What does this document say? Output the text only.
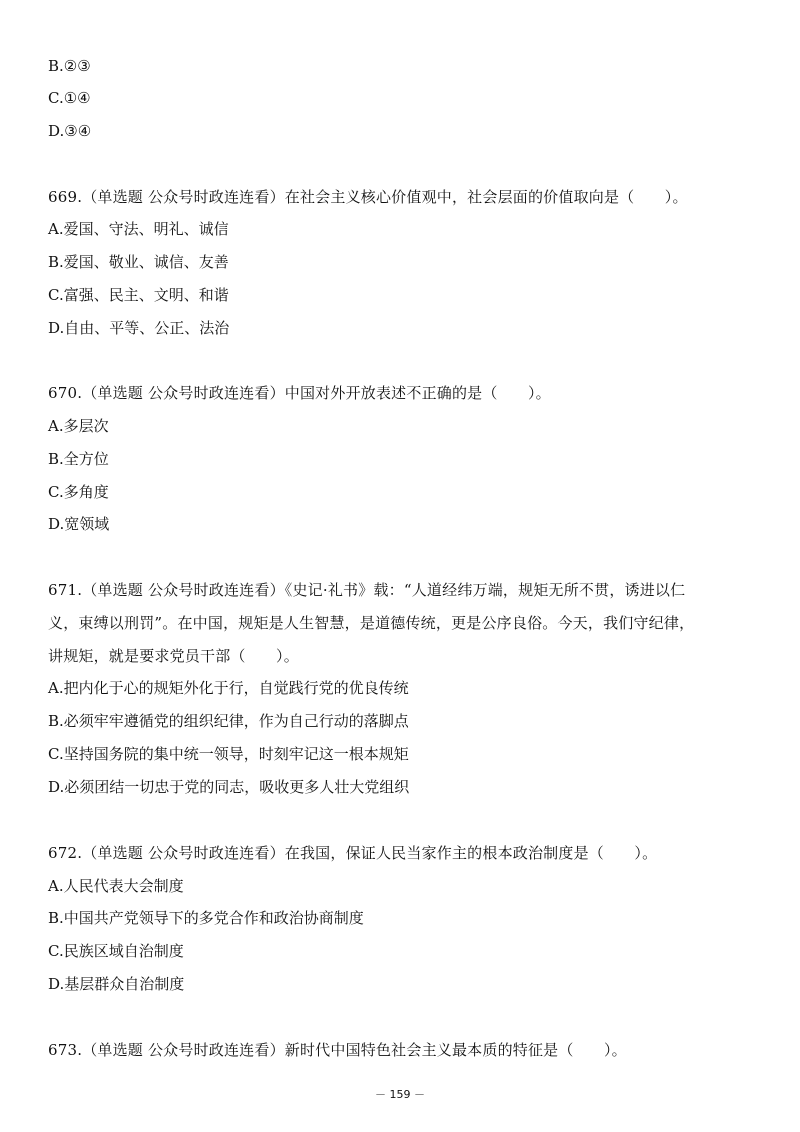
B.②③
C.①④
D.③④
669.（单选题 公众号时政连连看）在社会主义核心价值观中，社会层面的价值取向是（　　）。
A.爱国、守法、明礼、诚信
B.爱国、敬业、诚信、友善
C.富强、民主、文明、和谐
D.自由、平等、公正、法治
670.（单选题 公众号时政连连看）中国对外开放表述不正确的是（　　）。
A.多层次
B.全方位
C.多角度
D.宽领域
671.（单选题 公众号时政连连看）《史记·礼书》载：“人道经纬万端，规矩无所不贯，诱进以仁
义，束缚以刑罚”。在中国，规矩是人生智慧，是道德传统，更是公序良俗。今天，我们守纪律，
讲规矩，就是要求党员干部（　　）。
A.把内化于心的规矩外化于行，自觉践行党的优良传统
B.必须牢牢遵循党的组织纪律，作为自己行动的落脚点
C.坚持国务院的集中统一领导，时刻牢记这一根本规矩
D.必须团结一切忠于党的同志，吸收更多人壮大党组织
672.（单选题 公众号时政连连看）在我国，保证人民当家作主的根本政治制度是（　　）。
A.人民代表大会制度
B.中国共产党领导下的多党合作和政治协商制度
C.民族区域自治制度
D.基层群众自治制度
673.（单选题 公众号时政连连看）新时代中国特色社会主义最本质的特征是（　　）。
－ 159 －
